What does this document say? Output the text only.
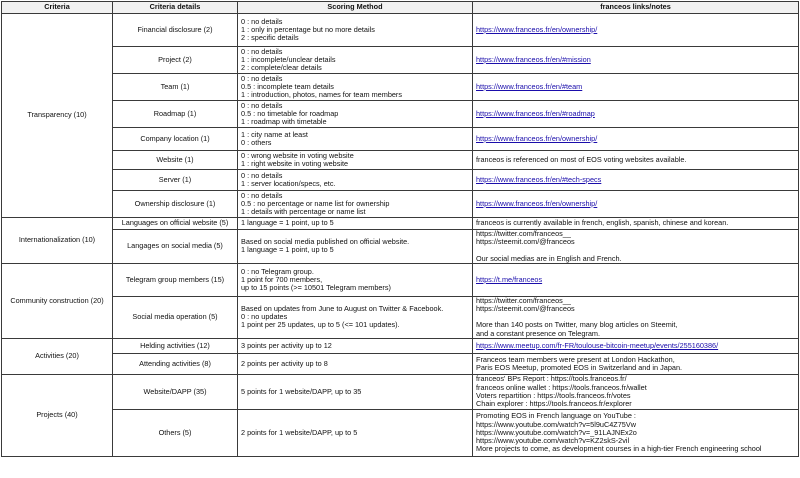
Criteria	Criteria details	Scoring Method	franceos links/notes
Transparency (10)	Financial disclosure (2)	0 : no details
1 : only in percentage but no more details
2 : specific details	https://www.franceos.fr/en/ownership/

	Project (2)	0 : no details
1 : incomplete/unclear details
2 : complete/clear details	https://www.franceos.fr/en/#mission

	Team (1)	0 : no details
0.5 : incomplete team details
1 : introduction, photos, names for team members	https://www.franceos.fr/en/#team

	Roadmap (1)	0 : no details
0.5 : no timetable for roadmap
1 : roadmap with timetable	https://www.franceos.fr/en/#roadmap

	Company location (1)	1 : city name at least
0 : others	https://www.franceos.fr/en/ownership/

	Website (1)	0 : wrong website in voting website
1 : right website in voting website	franceos is referenced on most of EOS voting websites available.

	Server (1)	0 : no details
1 : server location/specs, etc.	https://www.franceos.fr/en/#tech-specs

	Ownership disclosure (1)	0 : no details
0.5 : no percentage or name list for ownership
1 : details with percentage or name list	https://www.franceos.fr/en/ownership/

Internationalization (10)	Languages on official website (5)	1 language = 1 point, up to 5	franceos is currently available in french, english, spanish, chinese and korean.

	Langages on social media (5)	Based on social media published on official website.
1 language = 1 point, up to 5	https://twitter.com/franceos__
https://steemit.com/@franceos

Our social medias are in English and French.

Community construction (20)	Telegram group members (15)	0 : no Telegram group.
1 point for 700 members,
up to 15 points (>= 10501 Telegram members)	https://t.me/franceos

	Social media operation (5)	Based on updates from June to August on Twitter & Facebook.
0 : no updates
1 point per 25 updates, up to 5 (<= 101 updates).	https://twitter.com/franceos__
https://steemit.com/@franceos

More than 140 posts on Twitter, many blog articles on Steemit,
and a constant presence on Telegram.

Activities (20)	Helding activities (12)	3 points per activity up to 12	https://www.meetup.com/fr-FR/toulouse-bitcoin-meetup/events/255160386/

	Attending activities (8)	2 points per activity up to 8	Franceos team members were present at London Hackathon,
Paris EOS Meetup, promoted EOS in Switzerland and in Japan.

Projects (40)	Website/DAPP (35)	5 points for 1 website/DAPP, up to 35	franceos' BPs Report : https://tools.franceos.fr/
franceos online wallet : https://tools.franceos.fr/wallet
Voters repartition : https://tools.franceos.fr/votes
Chain explorer : https://tools.franceos.fr/explorer

	Others (5)	2 points for 1 website/DAPP, up to 5	Promoting EOS in French language on YouTube :
https://www.youtube.com/watch?v=5l9uC4Z75Vw
https://www.youtube.com/watch?v=_91LAJNEx2o
https://www.youtube.com/watch?v=KZ2skS-2vil
More projects to come, as development courses in a high-tier French engineering school
